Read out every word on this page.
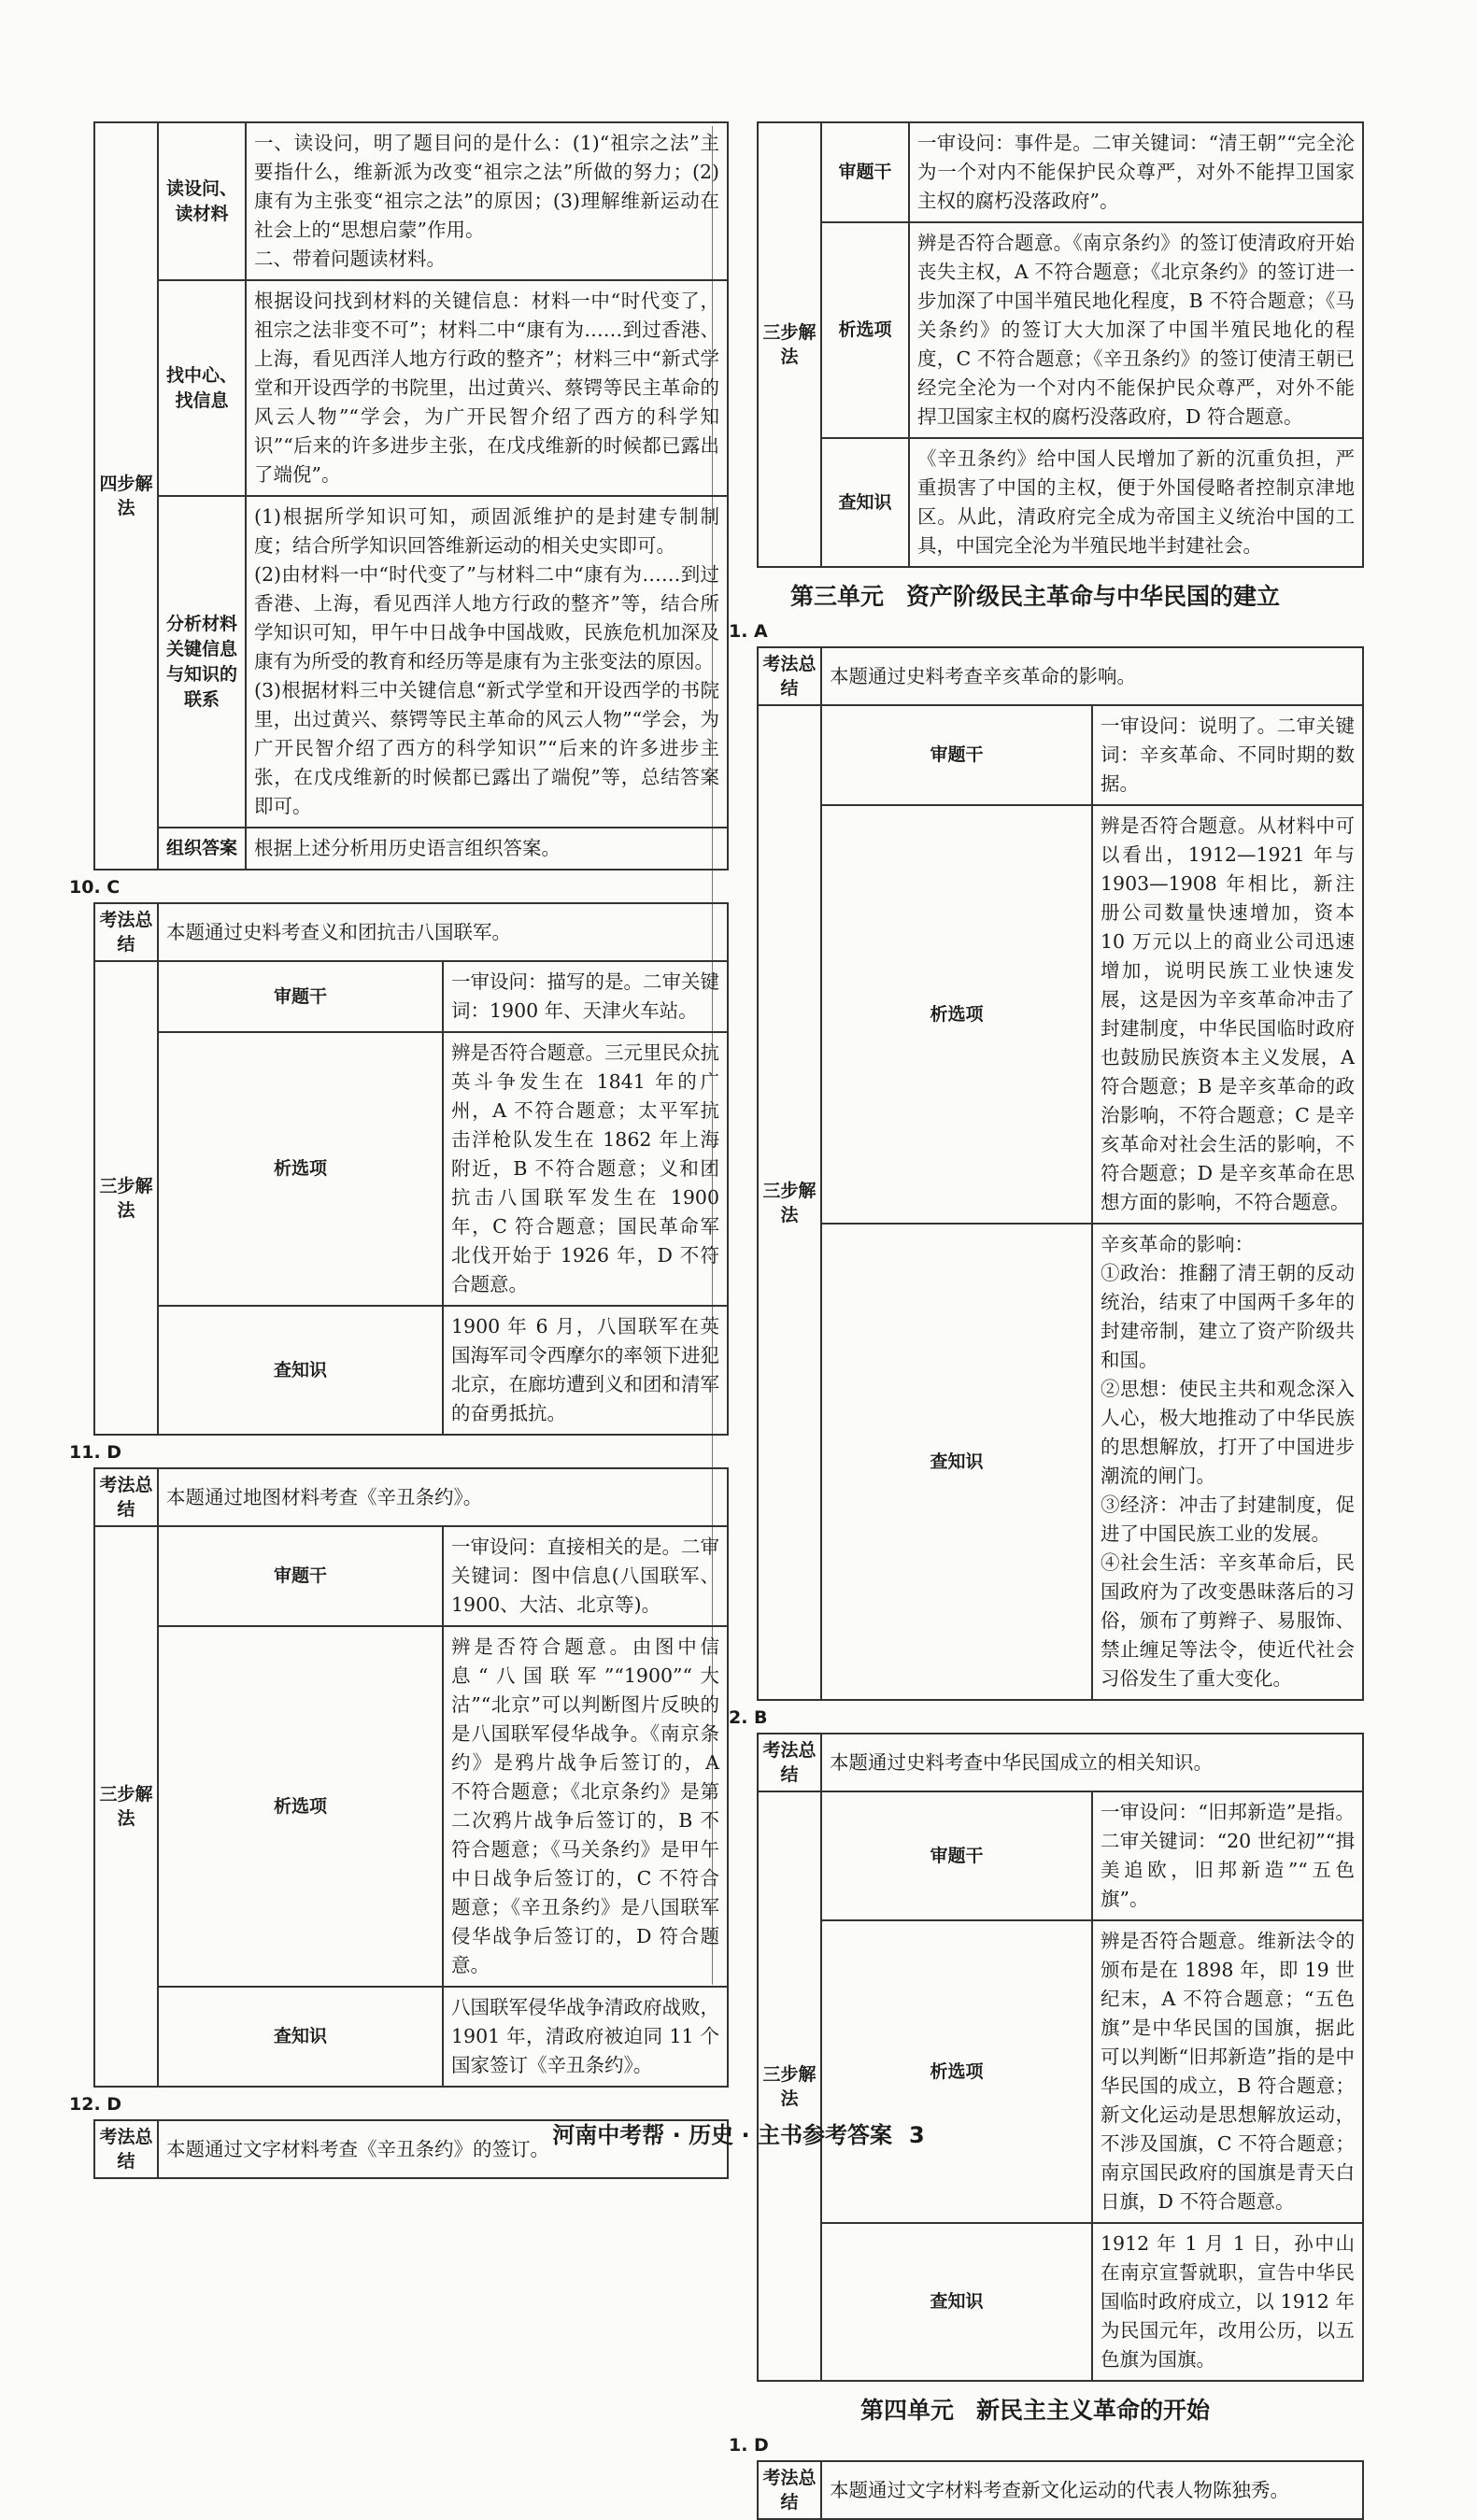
四步解法	读设问、读材料	一、读设问，明了题目问的是什么：(1)“祖宗之法”主要指什么，维新派为改变“祖宗之法”所做的努力；(2)康有为主张变“祖宗之法”的原因；(3)理解维新运动在社会上的“思想启蒙”作用。
二、带着问题读材料。
	找中心、找信息	根据设问找到材料的关键信息：材料一中“时代变了，祖宗之法非变不可”；材料二中“康有为……到过香港、上海，看见西洋人地方行政的整齐”；材料三中“新式学堂和开设西学的书院里，出过黄兴、蔡锷等民主革命的风云人物”“学会，为广开民智介绍了西方的科学知识”“后来的许多进步主张，在戊戌维新的时候都已露出了端倪”。
	分析材料关键信息与知识的联系	(1)根据所学知识可知，顽固派维护的是封建专制制度；结合所学知识回答维新运动的相关史实即可。
(2)由材料一中“时代变了”与材料二中“康有为……到过香港、上海，看见西洋人地方行政的整齐”等，结合所学知识可知，甲午中日战争中国战败，民族危机加深及康有为所受的教育和经历等是康有为主张变法的原因。
(3)根据材料三中关键信息“新式学堂和开设西学的书院里，出过黄兴、蔡锷等民主革命的风云人物”“学会，为广开民智介绍了西方的科学知识”“后来的许多进步主张，在戊戌维新的时候都已露出了端倪”等，总结答案即可。
	组织答案	根据上述分析用历史语言组织答案。
10. C
考法总结	本题通过史料考查义和团抗击八国联军。	
三步解法	审题干	一审设问：描写的是。二审关键词：1900 年、天津火车站。
	析选项	辨是否符合题意。三元里民众抗英斗争发生在 1841 年的广州，A 不符合题意；太平军抗击洋枪队发生在 1862 年上海附近，B 不符合题意；义和团抗击八国联军发生在 1900 年，C 符合题意；国民革命军北伐开始于 1926 年，D 不符合题意。
	查知识	1900 年 6 月，八国联军在英国海军司令西摩尔的率领下进犯北京，在廊坊遭到义和团和清军的奋勇抵抗。
11. D
考法总结	本题通过地图材料考查《辛丑条约》。	
三步解法	审题干	一审设问：直接相关的是。二审关键词：图中信息(八国联军、1900、大沽、北京等)。
	析选项	辨是否符合题意。由图中信息“八国联军”“1900”“大沽”“北京”可以判断图片反映的是八国联军侵华战争。《南京条约》是鸦片战争后签订的，A 不符合题意；《北京条约》是第二次鸦片战争后签订的，B 不符合题意；《马关条约》是甲午中日战争后签订的，C 不符合题意；《辛丑条约》是八国联军侵华战争后签订的，D 符合题意。
	查知识	八国联军侵华战争清政府战败，1901 年，清政府被迫同 11 个国家签订《辛丑条约》。
12. D
考法总结	本题通过文字材料考查《辛丑条约》的签订。
三步解法	审题干	一审设问：事件是。二审关键词：“清王朝”“完全沦为一个对内不能保护民众尊严，对外不能捍卫国家主权的腐朽没落政府”。
	析选项	辨是否符合题意。《南京条约》的签订使清政府开始丧失主权，A 不符合题意；《北京条约》的签订进一步加深了中国半殖民地化程度，B 不符合题意；《马关条约》的签订大大加深了中国半殖民地化的程度，C 不符合题意；《辛丑条约》的签订使清王朝已经完全沦为一个对内不能保护民众尊严，对外不能捍卫国家主权的腐朽没落政府，D 符合题意。
	查知识	《辛丑条约》给中国人民增加了新的沉重负担，严重损害了中国的主权，便于外国侵略者控制京津地区。从此，清政府完全成为帝国主义统治中国的工具，中国完全沦为半殖民地半封建社会。
第三单元 资产阶级民主革命与中华民国的建立
1. A
考法总结	本题通过史料考查辛亥革命的影响。	
三步解法	审题干	一审设问：说明了。二审关键词：辛亥革命、不同时期的数据。
	析选项	辨是否符合题意。从材料中可以看出，1912—1921 年与 1903—1908 年相比，新注册公司数量快速增加，资本 10 万元以上的商业公司迅速增加，说明民族工业快速发展，这是因为辛亥革命冲击了封建制度，中华民国临时政府也鼓励民族资本主义发展，A 符合题意；B 是辛亥革命的政治影响，不符合题意；C 是辛亥革命对社会生活的影响，不符合题意；D 是辛亥革命在思想方面的影响，不符合题意。
	查知识	辛亥革命的影响：
①政治：推翻了清王朝的反动统治，结束了中国两千多年的封建帝制，建立了资产阶级共和国。
②思想：使民主共和观念深入人心，极大地推动了中华民族的思想解放，打开了中国进步潮流的闸门。
③经济：冲击了封建制度，促进了中国民族工业的发展。
④社会生活：辛亥革命后，民国政府为了改变愚昧落后的习俗，颁布了剪辫子、易服饰、禁止缠足等法令，使近代社会习俗发生了重大变化。
2. B
考法总结	本题通过史料考查中华民国成立的相关知识。	
三步解法	审题干	一审设问：“旧邦新造”是指。二审关键词：“20 世纪初”“揖美追欧，旧邦新造”“五色旗”。
	析选项	辨是否符合题意。维新法令的颁布是在 1898 年，即 19 世纪末，A 不符合题意；“五色旗”是中华民国的国旗，据此可以判断“旧邦新造”指的是中华民国的成立，B 符合题意；新文化运动是思想解放运动，不涉及国旗，C 不符合题意；南京国民政府的国旗是青天白日旗，D 不符合题意。
	查知识	1912 年 1 月 1 日，孙中山在南京宣誓就职，宣告中华民国临时政府成立，以 1912 年为民国元年，改用公历，以五色旗为国旗。
第四单元 新民主主义革命的开始
1. D
考法总结	本题通过文字材料考查新文化运动的代表人物陈独秀。
河南中考帮 · 历史 · 主书参考答案 3
